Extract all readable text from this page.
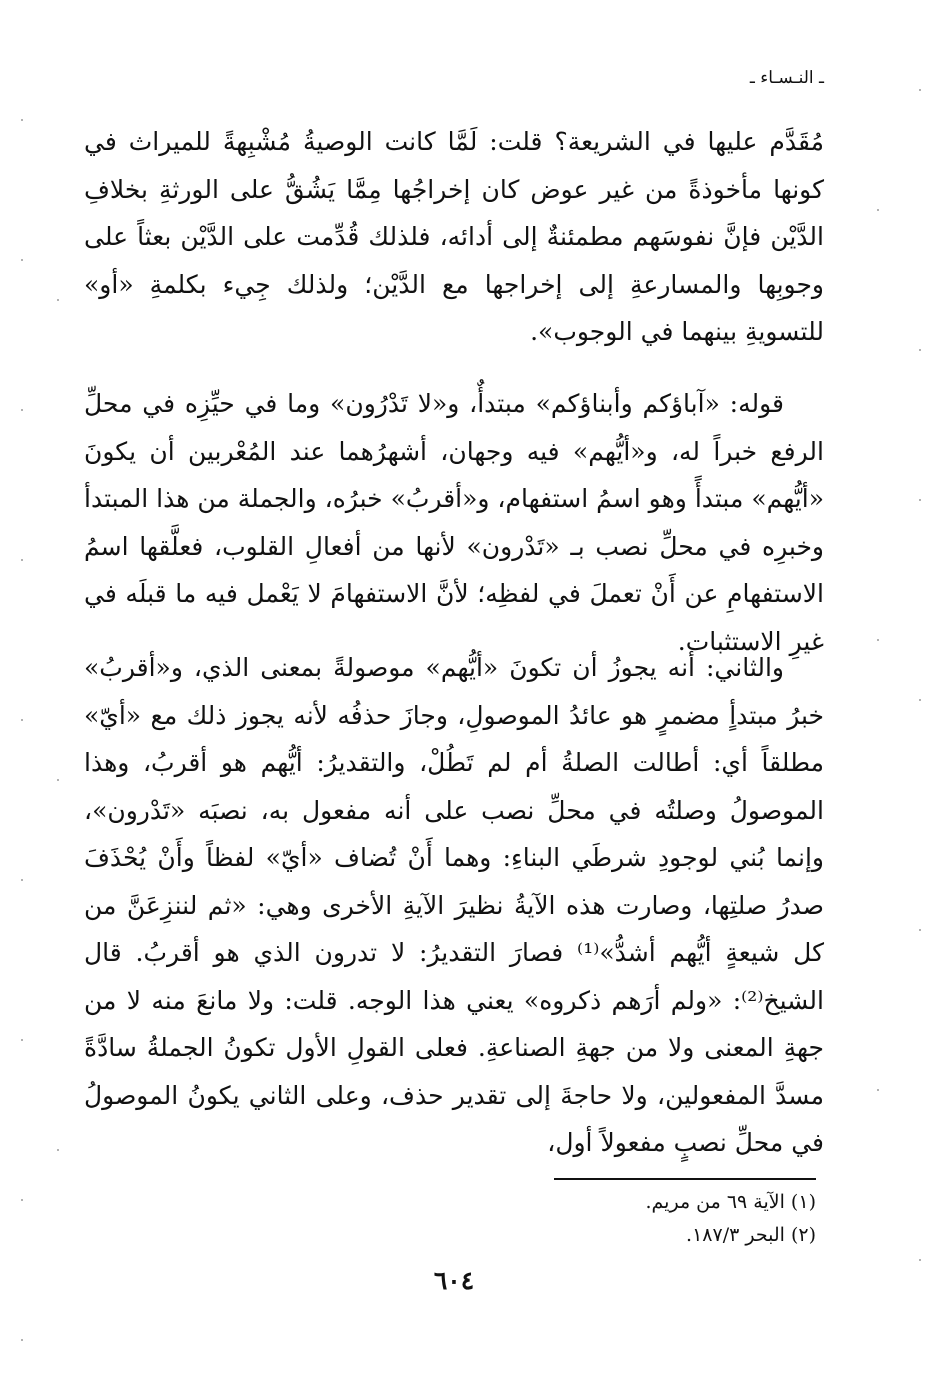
ـ النـسـاء ـ

مُقَدَّم عليها في الشريعة؟ قلت: لَمَّا كانت الوصيةُ مُشْبِهةً للميراث في كونها مأخوذةً من غير عوض كان إخراجُها مِمَّا يَشُقُّ على الورثةِ بخلافِ الدَّيْن فإنَّ نفوسَهم مطمئنةٌ إلى أدائه، فلذلك قُدِّمت على الدَّيْن بعثاً على وجوبِها والمسارعةِ إلى إخراجها مع الدَّيْن؛ ولذلك جِيء بكلمةِ «أو» للتسويةِ بينهما في الوجوب».

قوله: «آباؤكم وأبناؤكم» مبتدأٌ، و«لا تَدْرُون» وما في حيِّزِه في محلِّ الرفع خبراً له، و«أيُّهم» فيه وجهان، أشهرُهما عند المُعْربين أن يكونَ «أيُّهم» مبتدأً وهو اسمُ استفهام، و«أقربُ» خبرُه، والجملة من هذا المبتدأ وخبرِه في محلِّ نصب بـ «تَدْرون» لأنها من أفعالِ القلوب، فعلَّقها اسمُ الاستفهامِ عن أَنْ تعملَ في لفظِه؛ لأنَّ الاستفهامَ لا يَعْمل فيه ما قبلَه في غيرِ الاستثبات.

والثاني: أنه يجوزُ أن تكونَ «أيُّهم» موصولةً بمعنى الذي، و«أقربُ» خبرُ مبتدأٍ مضمرٍ هو عائدُ الموصولِ، وجازَ حذفُه لأنه يجوز ذلك مع «أيّ» مطلقاً أي: أطالت الصلةُ أم لم تَطُلْ، والتقديرُ: أيُّهم هو أقربُ، وهذا الموصولُ وصلتُه في محلِّ نصب على أنه مفعول به، نصبَه «تَدْرون»، وإنما بُني لوجودِ شرطَي البناءِ: وهما أَنْ تُضاف «أيّ» لفظاً وأَنْ يُحْذَفَ صدرُ صلتِها، وصارت هذه الآيةُ نظيرَ الآيةِ الأخرى وهي: «ثم لننزِعَنَّ من كل شيعةٍ أيُّهم أشدُّ»⁽¹⁾ فصارَ التقديرُ: لا تدرون الذي هو أقربُ. قال الشيخ⁽²⁾: «ولم أرَهم ذكروه» يعني هذا الوجه. قلت: ولا مانعَ منه لا من جهةِ المعنى ولا من جهةِ الصناعةِ. فعلى القولِ الأول تكونُ الجملةُ سادَّةً مسدَّ المفعولين، ولا حاجةَ إلى تقدير حذف، وعلى الثاني يكونُ الموصولُ في محلِّ نصبٍ مفعولاً أول،

(١) الآية ٦٩ من مريم.
(٢) البحر ١٨٧/٣.
٦٠٤
